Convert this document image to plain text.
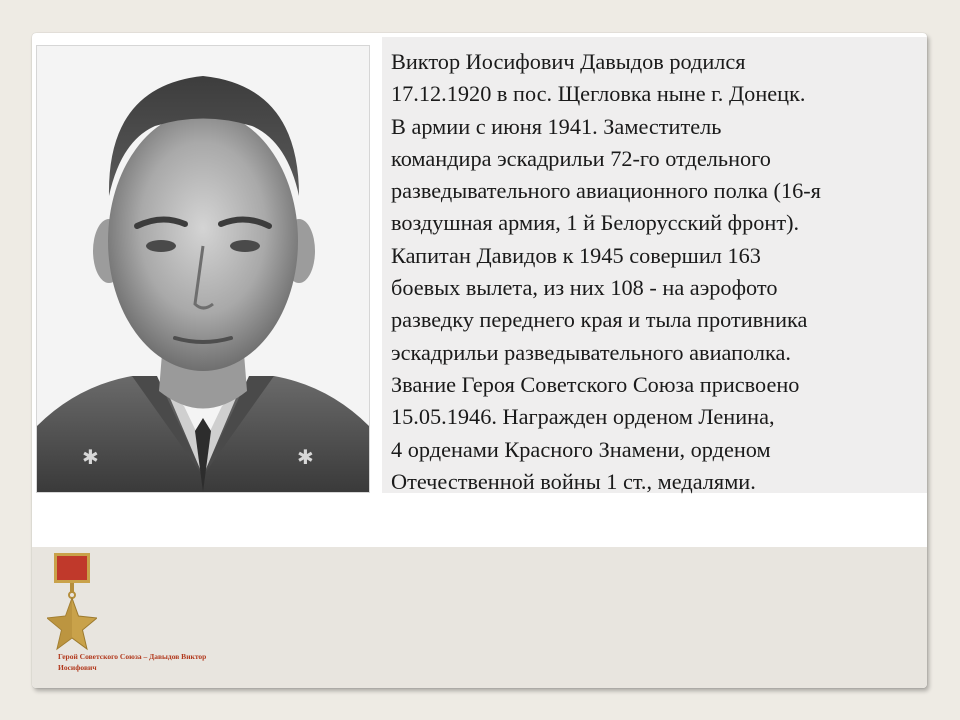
✱	✱

Виктор Иосифович Давыдов родился

17.12.1920 в пос. Щегловка ныне г. Донецк.

В армии с июня 1941. Заместитель

командира эскадрильи 72-го отдельного

разведывательного авиационного полка (16-я

воздушная армия, 1 й Белорусский фронт).

Капитан Давидов к 1945 совершил 163

боевых вылета, из них 108 - на аэрофото

разведку переднего края и тыла противника

эскадрильи разведывательного авиаполка.

Звание Героя Советского Союза присвоено

15.05.1946. Награжден орденом Ленина,

4 орденами Красного Знамени, орденом

Отечественной войны 1 ст., медалями.

Герой Советского Союза – Давыдов Виктор
Иосифович
